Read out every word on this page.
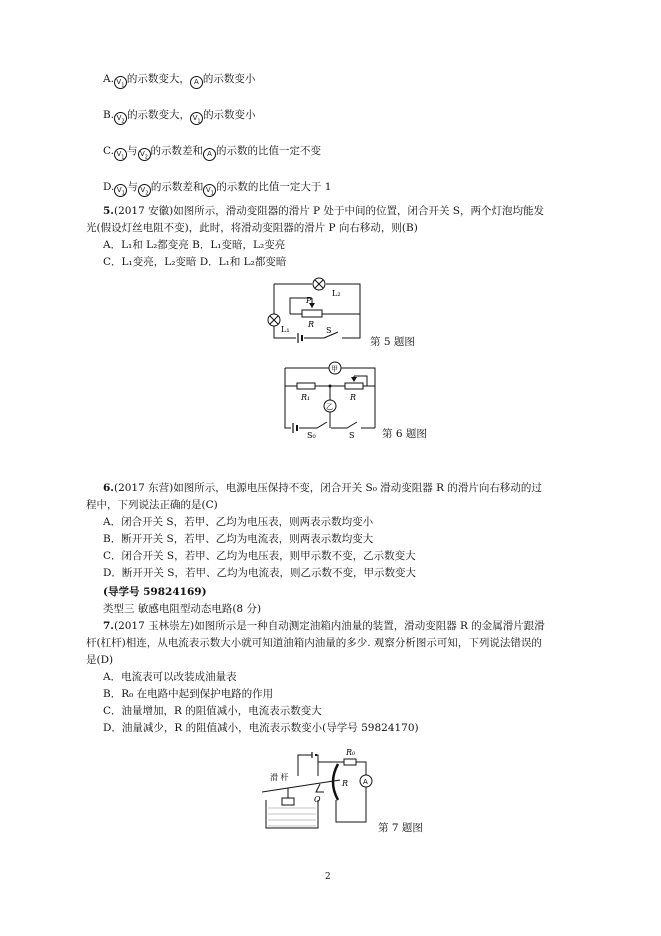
A. $V_1$的示数变大， A 的示数变小
B. $V_2$的示数变大， $V_1$的示数变小
C. $V_1$与 $V_2$的示数差和 A 的示数的比值一定不变
D. $V_1$与 $V_2$的示数差和 $V_1$的示数的比值一定大于 1
5.(2017 安徽)如图所示，滑动变阻器的滑片 P 处于中间的位置，闭合开关 S，两个灯泡均能发
光(假设灯丝电阻不变)，此时，将滑动变阻器的滑片 P 向右移动，则(B)
A．L₁和 L₂都变亮 B．L₁变暗，L₂变亮
C．L₁变亮，L₂变暗 D．L₁和 L₂都变暗
L₂
L₁
P
R
S
第 5 题图
甲
乙
R₁	R
S₀	S	第 6 题图
6.(2017 东营)如图所示，电源电压保持不变，闭合开关 S₀ 滑动变阻器 R 的滑片向右移动的过
程中，下列说法正确的是(C)
A．闭合开关 S，若甲、乙均为电压表，则两表示数均变小
B．断开开关 S，若甲、乙均为电流表，则两表示数均变大
C．闭合开关 S，若甲、乙均为电压表，则甲示数不变，乙示数变大
D．断开开关 S，若甲、乙均为电流表，则乙示数不变，甲示数变大
(导学号 59824169)
类型三 敏感电阻型动态电路(8 分)
7.(2017 玉林崇左)如图所示是一种自动测定油箱内油量的装置，滑动变阻器 R 的金属滑片跟滑
杆(杠杆)相连，从电流表示数大小就可知道油箱内油量的多少. 观察分析图示可知，下列说法错误的
是(D)
A．电流表可以改装成油量表
B．R₀ 在电路中起到保护电路的作用
C．油量增加，R 的阻值减小，电流表示数变大
D．油量减少，R 的阻值减小，电流表示数变小(导学号 59824170)
滑 杆
R₀
R
O
A
第 7 题图
2
